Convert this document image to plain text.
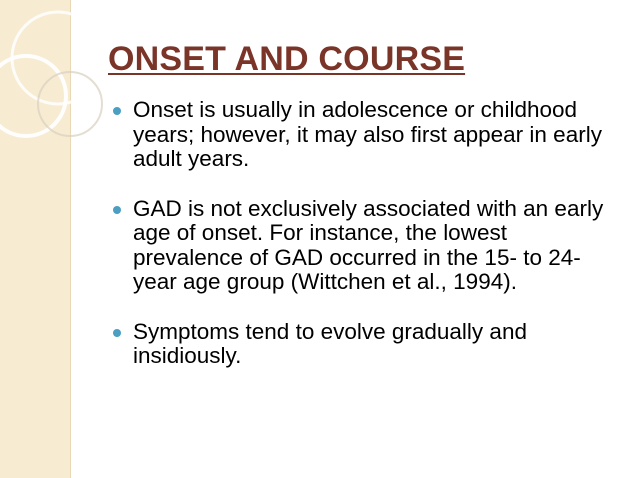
ONSET AND COURSE
Onset is usually in adolescence or childhood years; however, it may also first appear in early adult years.
GAD is not exclusively associated with an early age of onset. For instance, the lowest prevalence of GAD occurred in the 15- to 24-year age group (Wittchen et al., 1994).
Symptoms tend to evolve gradually and insidiously.
